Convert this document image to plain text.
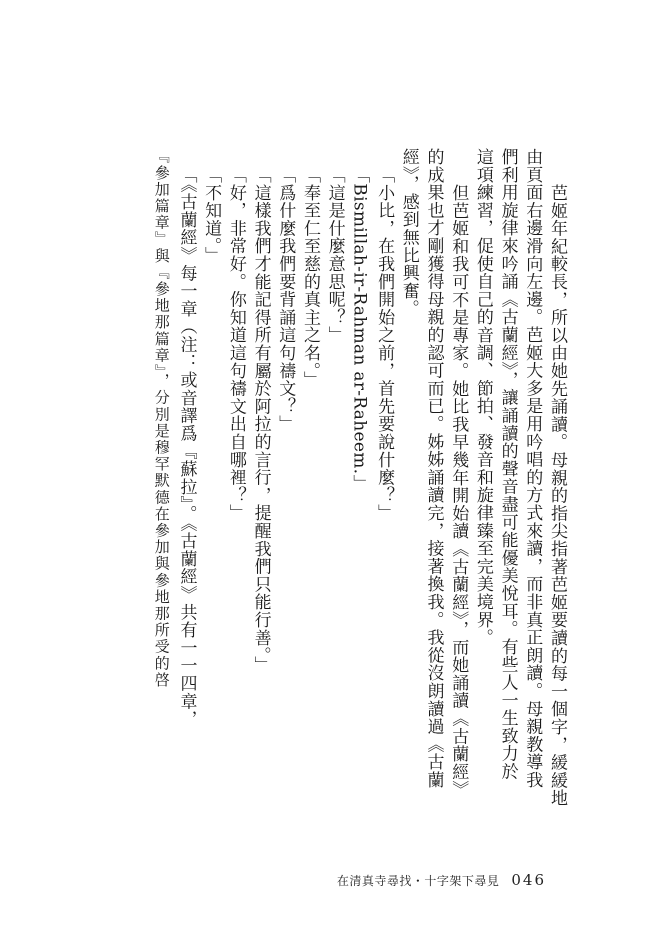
芭姬年紀較長，所以由她先誦讀。母親的指尖指著芭姬要讀的每一個字，緩緩地
由頁面右邊滑向左邊。芭姬大多是用吟唱的方式來讀，而非真正朗讀。母親教導我
們利用旋律來吟誦《古蘭經》，讓誦讀的聲音盡可能優美悅耳。有些人一生致力於
這項練習，促使自己的音調、節拍、發音和旋律臻至完美境界。
但芭姬和我可不是專家。她比我早幾年開始讀《古蘭經》，而她誦讀《古蘭經》
的成果也才剛獲得母親的認可而已。姊姊誦讀完，接著換我。我從沒朗讀過《古蘭
經》，感到無比興奮。
「小比，在我們開始之前，首先要說什麼？」
「Bismillah-ir-Rahman ar-Raheem.」
「這是什麼意思呢？」
「奉至仁至慈的真主之名。」
「爲什麼我們要背誦這句禱文？」
「這樣我們才能記得所有屬於阿拉的言行，提醒我們只能行善。」
「好，非常好。你知道這句禱文出自哪裡？」
「不知道。」
「《古蘭經》每一章（注：或音譯爲『蘇拉』。《古蘭經》共有一一四章，
『參加篇章』與『參地那篇章』，分別是穆罕默德在參加與參地那所受的啓
在清真寺尋找・十字架下尋見 046
